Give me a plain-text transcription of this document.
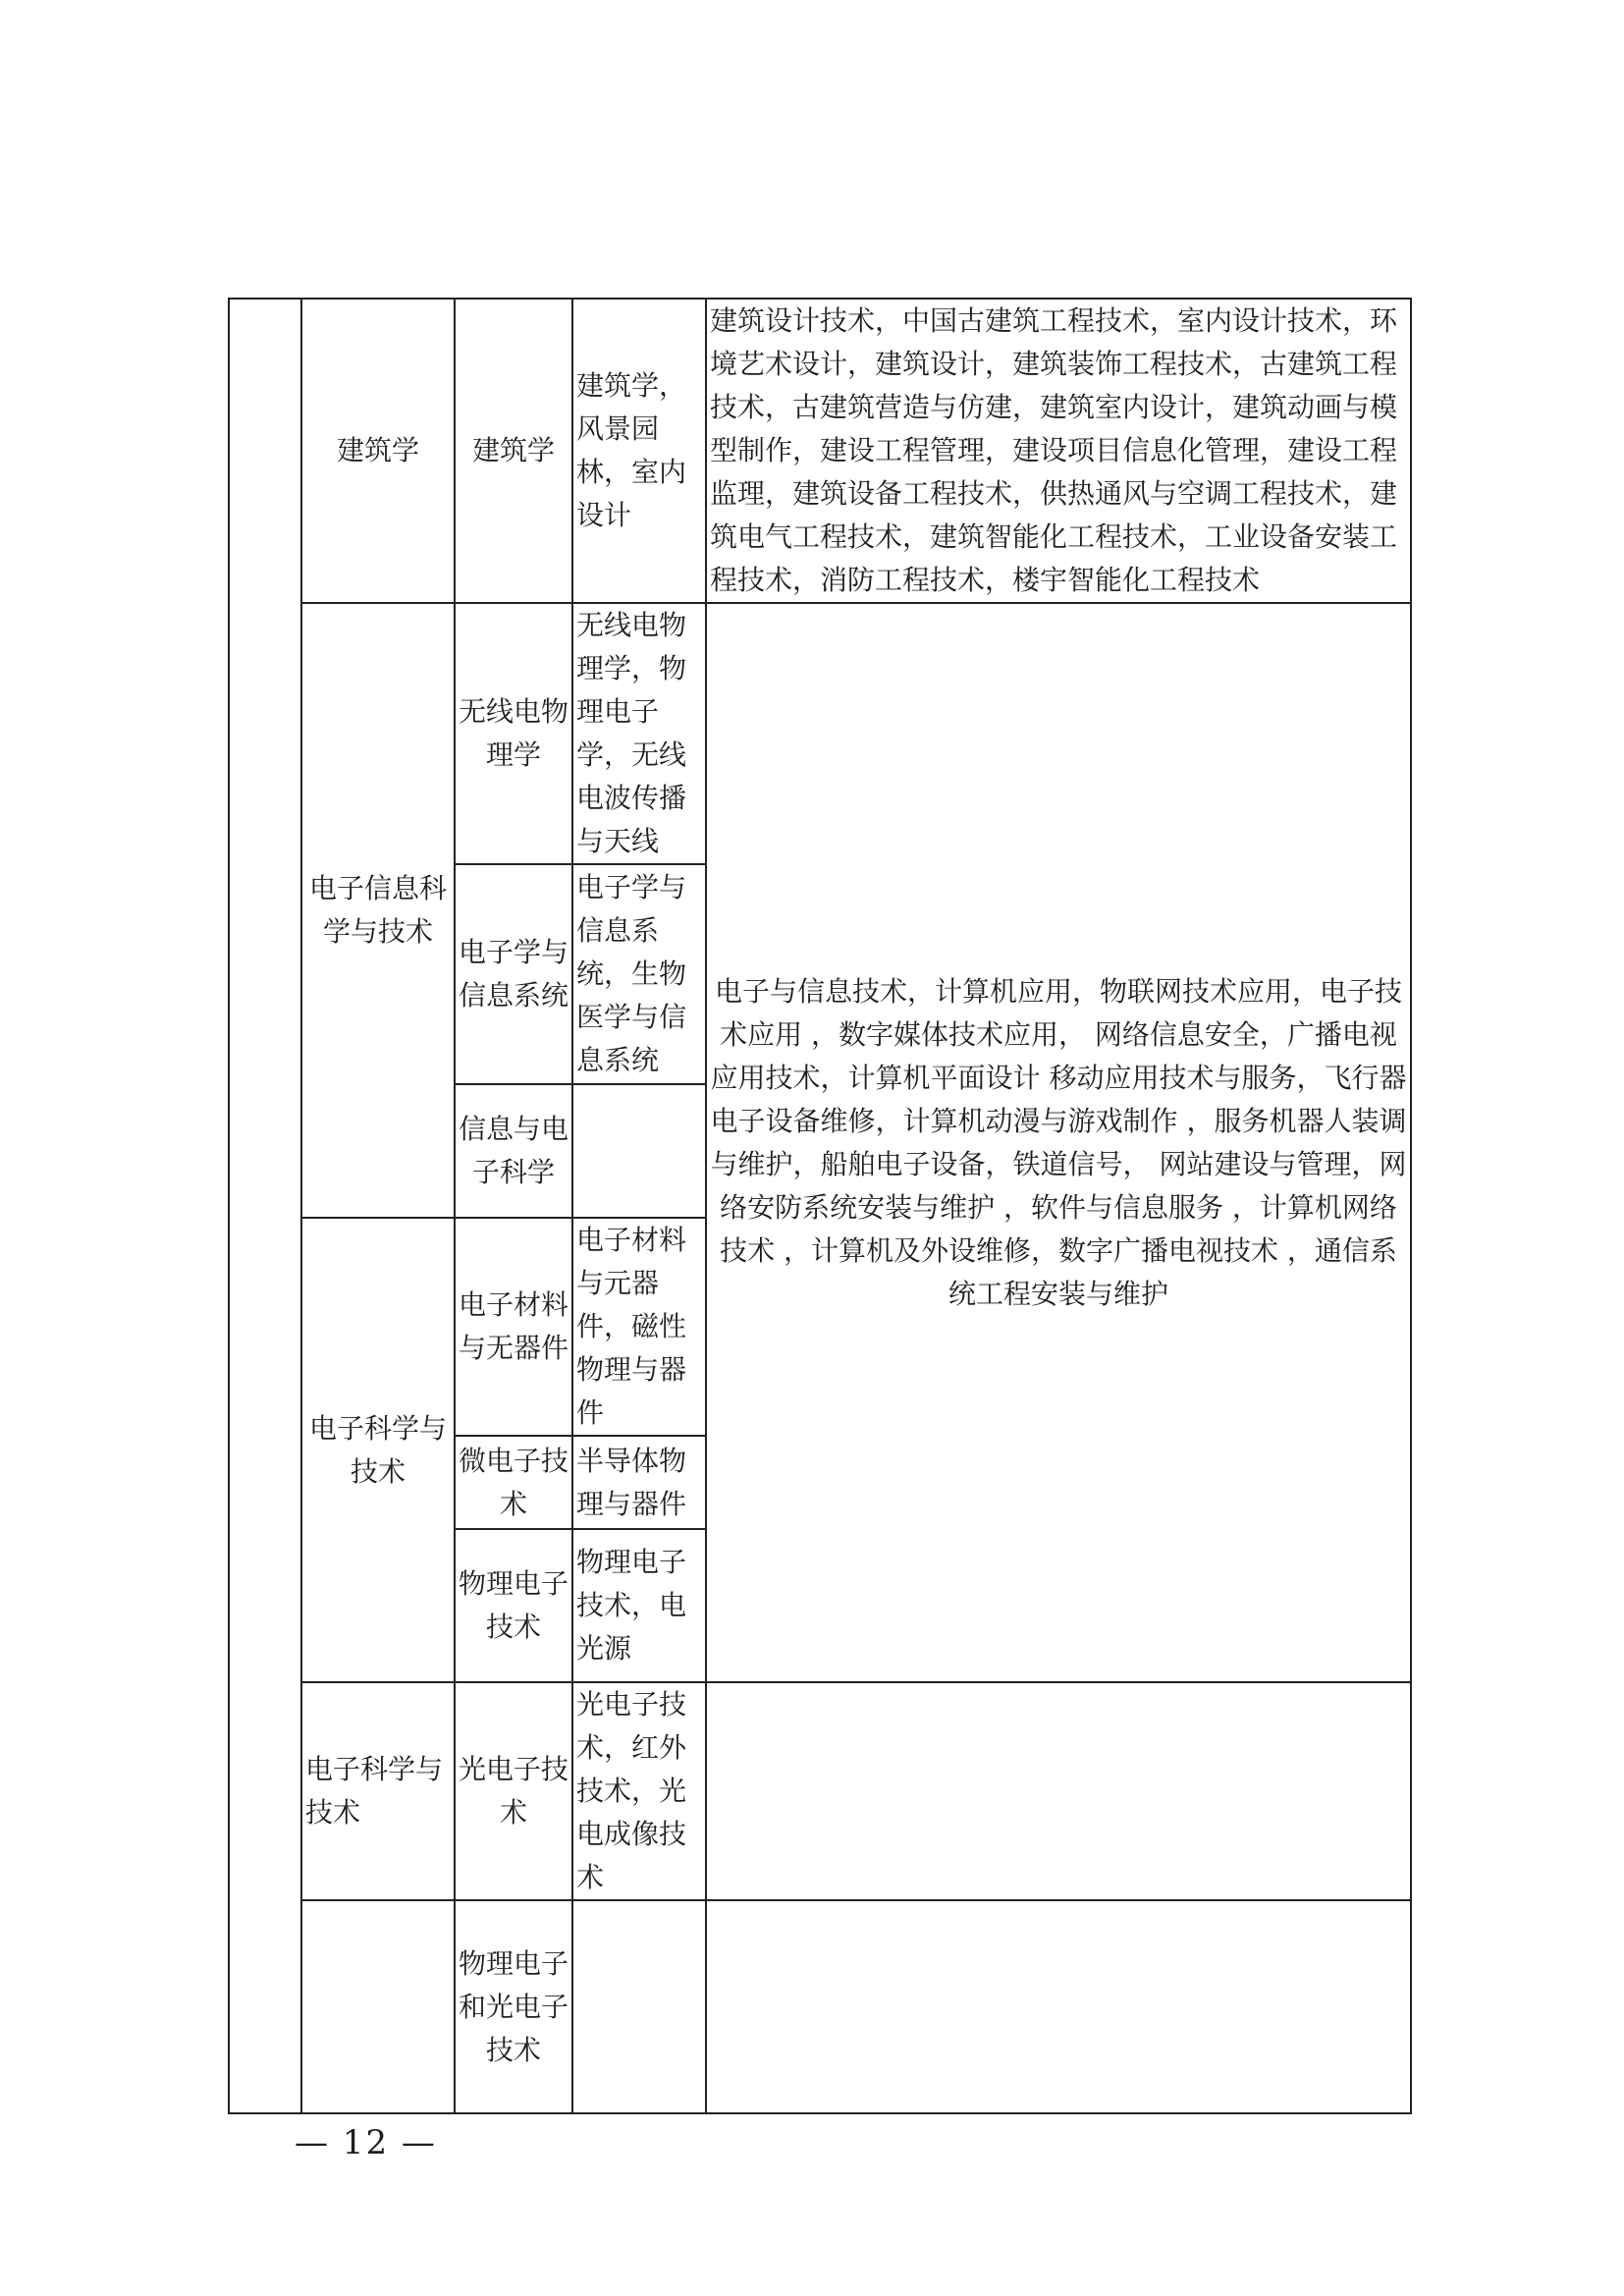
	建筑学	建筑学	建筑学，风景园林，室内设计	建筑设计技术，中国古建筑工程技术，室内设计技术，环境艺术设计，建筑设计，建筑装饰工程技术，古建筑工程技术，古建筑营造与仿建，建筑室内设计，建筑动画与模型制作，建设工程管理，建设项目信息化管理，建设工程监理，建筑设备工程技术，供热通风与空调工程技术，建筑电气工程技术，建筑智能化工程技术，工业设备安装工程技术，消防工程技术，楼宇智能化工程技术
	电子信息科学与技术	无线电物理学	无线电物理学，物理电子学，无线电波传播与天线	电子与信息技术，计算机应用，物联网技术应用，电子技术应用 ，数字媒体技术应用， 网络信息安全，广播电视应用技术，计算机平面设计 移动应用技术与服务，飞行器电子设备维修，计算机动漫与游戏制作 ，服务机器人装调与维护，船舶电子设备，铁道信号， 网站建设与管理，网络安防系统安装与维护 ，软件与信息服务 ，计算机网络技术 ，计算机及外设维修，数字广播电视技术 ，通信系统工程安装与维护
		电子学与信息系统	电子学与信息系统，生物医学与信息系统	
		信息与电子科学		
	电子科学与技术	电子材料与无器件	电子材料与元器件，磁性物理与器件	
		微电子技术	半导体物理与器件	
		物理电子技术	物理电子技术，电光源	
	电子科学与技术	光电子技术	光电子技术，红外技术，光电成像技术	
		物理电子和光电子技术		
— 12 —
